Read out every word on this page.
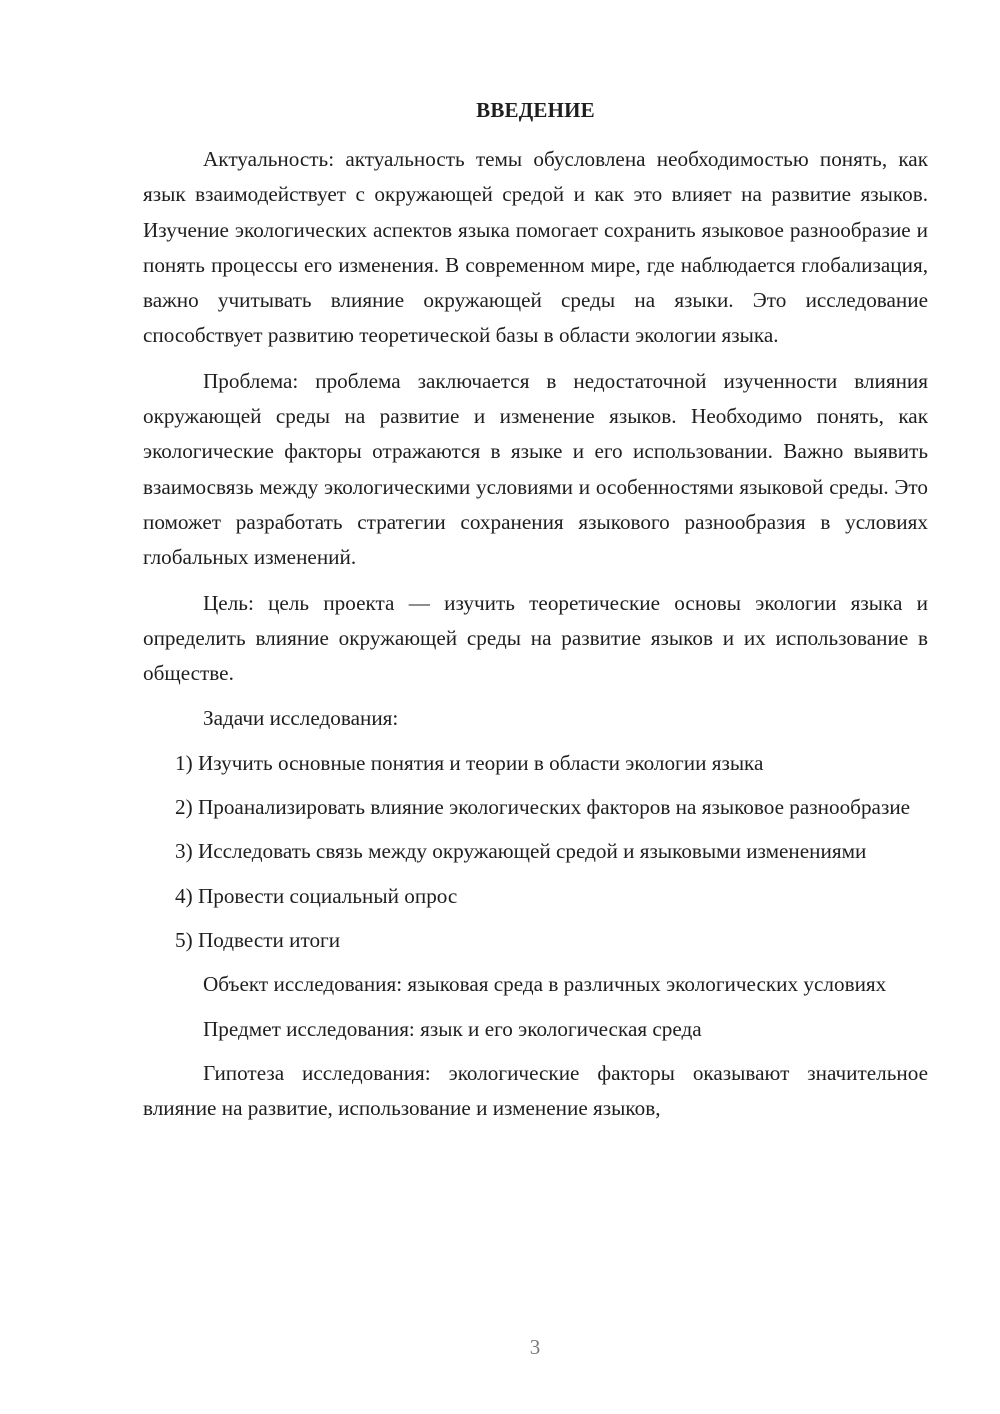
ВВЕДЕНИЕ

Актуальность: актуальность темы обусловлена необходимостью понять, как язык взаимодействует с окружающей средой и как это влияет на развитие языков. Изучение экологических аспектов языка помогает сохранить языковое разнообразие и понять процессы его изменения. В современном мире, где наблюдается глобализация, важно учитывать влияние окружающей среды на языки. Это исследование способствует развитию теоретической базы в области экологии языка.

Проблема: проблема заключается в недостаточной изученности влияния окружающей среды на развитие и изменение языков. Необходимо понять, как экологические факторы отражаются в языке и его использовании. Важно выявить взаимосвязь между экологическими условиями и особенностями языковой среды. Это поможет разработать стратегии сохранения языкового разнообразия в условиях глобальных изменений.

Цель: цель проекта — изучить теоретические основы экологии языка и определить влияние окружающей среды на развитие языков и их использование в обществе.

Задачи исследования:

1) Изучить основные понятия и теории в области экологии языка

2) Проанализировать влияние экологических факторов на языковое разнообразие

3) Исследовать связь между окружающей средой и языковыми изменениями

4) Провести социальный опрос

5) Подвести итоги

Объект исследования: языковая среда в различных экологических условиях

Предмет исследования: язык и его экологическая среда

Гипотеза исследования: экологические факторы оказывают значительное влияние на развитие, использование и изменение языков,

3
